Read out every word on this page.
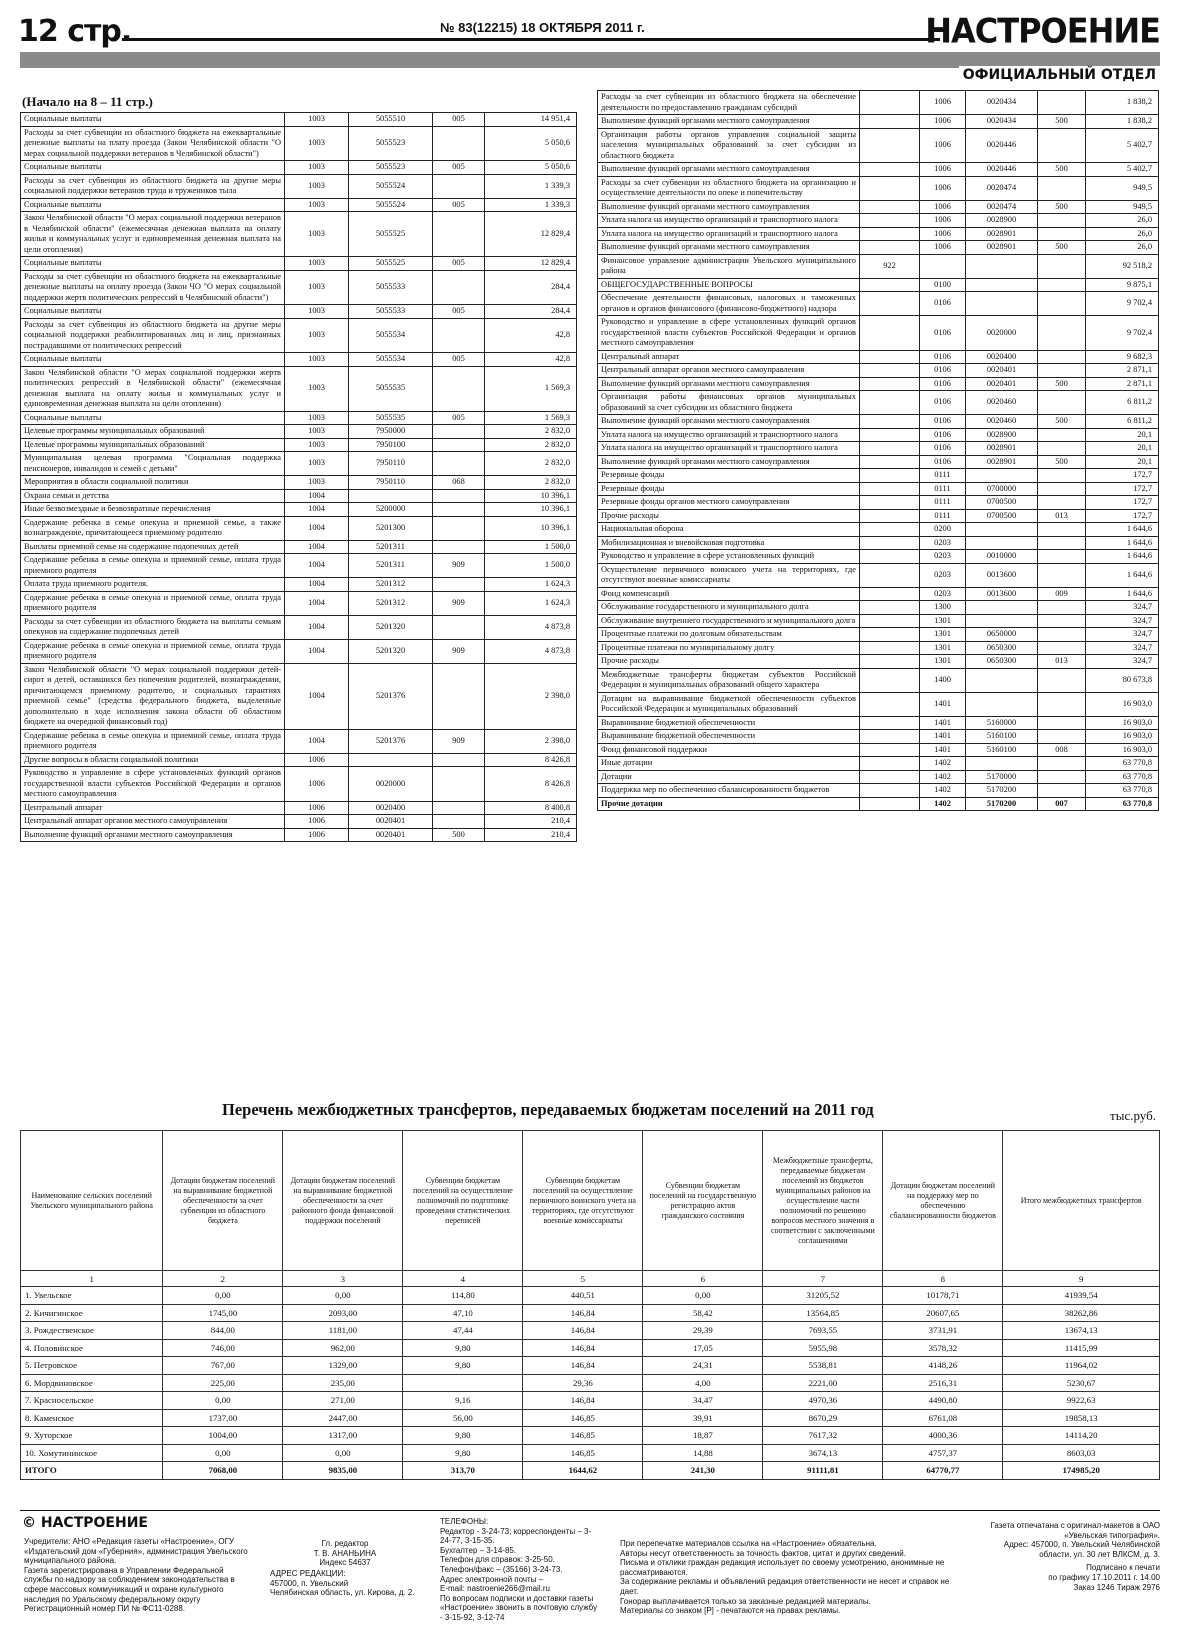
12 стр.	№ 83(12215) 18 ОКТЯБРЯ 2011 г.	НАСТРОЕНИЕ
ОФИЦИАЛЬНЫЙ ОТДЕЛ
(Начало на 8 – 11 стр.)
Социальные выплаты	1003	5055510	005	14 951,4
Расходы за счет субвенции из областного бюджета на ежеквартальные денежные выплаты на плату проезда (Закон Челябинской области "О мерах социальной поддержки ветеранов в Челябинской области")	1003	5055523		5 050,6
Социальные выплаты	1003	5055523	005	5 050,6
Расходы за счет субвенции из областного бюджета на другие меры социальной поддержки ветеранов труда и тружеников тыла	1003	5055524		1 339,3
Социальные выплаты	1003	5055524	005	1 339,3
Закон Челябинской области "О мерах социальной поддержки ветеранов в Челябинской области" (ежемесячная денежная выплата на оплату жилья и коммунальных услуг и единовременная денежная выплата на цели отопления)	1003	5055525		12 829,4
Социальные выплаты	1003	5055525	005	12 829,4
Расходы за счет субвенции из областного бюджета на ежеквартальные денежные выплаты на оплату проезда (Закон ЧО "О мерах социальной поддержки жертв политических репрессий в Челябинской области")	1003	5055533		284,4
Социальные выплаты	1003	5055533	005	284,4
Расходы за счет субвенции из областного бюджета на другие меры социальной поддержки реабилитированных лиц и лиц, признанных пострадавшими от политических репрессий	1003	5055534		42,8
Социальные выплаты	1003	5055534	005	42,8
Закон Челябинской области "О мерах социальной поддержки жертв политических репрессий в Челябинской области" (ежемесячная денежная выплата на оплату жилья и коммунальных услуг и единовременная денежная выплата на цели отопления)	1003	5055535		1 569,3
Социальные выплаты	1003	5055535	005	1 569,3
Целевые программы муниципальных образований	1003	7950000		2 832,0
Целевые программы муниципальных образований	1003	7950100		2 832,0
Муниципальная целевая программа "Социальная поддержка пенсионеров, инвалидов и семей с детьми"	1003	7950110		2 832,0
Мероприятия в области социальной политики	1003	7950110	068	2 832,0
Охрана семьи и детства	1004			10 396,1
Иные безвозмездные и безвозвратные перечисления	1004	5200000		10 396,1
Содержание ребенка в семье опекуна и приемной семье, а также вознаграждение, причитающееся приемному родителю	1004	5201300		10 396,1
Выплаты приемной семье на содержание подопечных детей	1004	5201311		1 500,0
Содержание ребенка в семье опекуна и приемной семье, оплата труда приемного родителя	1004	5201311	909	1 500,0
Оплата труда приемного родителя.	1004	5201312		1 624,3
Содержание ребенка в семье опекуна и приемной семье, оплата труда приемного родителя	1004	5201312	909	1 624,3
Расходы за счет субвенции из областного бюджета на выплаты семьям опекунов на содержание подопечных детей	1004	5201320		4 873,8
Содержание ребенка в семье опекуна и приемной семье, оплата труда приемного родителя	1004	5201320	909	4 873,8
Закон Челябинской области "О мерах социальной поддержки детей-сирот и детей, оставшихся без попечения родителей, вознаграждении, причитающемся приемному родителю, и социальных гарантиях приемной семье" (средства федерального бюджета, выделенные дополнительно в ходе исполнения закона области об областном бюджете на очередной финансовый год)	1004	5201376		2 398,0
Содержание ребенка в семье опекуна и приемной семье, оплата труда приемного родителя	1004	5201376	909	2 398,0
Другие вопросы в области социальной политики	1006			8 426,8
Руководство и управление в сфере установленных функций органов государственной власти субъектов Российской Федерации и органов местного самоуправления	1006	0020000		8 426,8
Центральный аппарат	1006	0020400		8 400,8
Центральный аппарат органов местного самоуправления	1006	0020401		210,4
Выполнение функций органами местного самоуправления	1006	0020401	500	210,4
Расходы за счет субвенции из областного бюджета на обеспечение деятельности по предоставлению гражданам субсидий		1006	0020434		1 838,2
Выполнение функций органами местного самоуправления		1006	0020434	500	1 838,2
Организация работы органов управления социальной защиты населения муниципальных образований за счет субсидии из областного бюджета		1006	0020446		5 402,7
Выполнение функций органами местного самоуправления		1006	0020446	500	5 402,7
Расходы за счет субвенции из областного бюджета на организацию и осуществление деятельности по опеке и попечительству		1006	0020474		949,5
Выполнение функций органами местного самоуправления		1006	0020474	500	949,5
Уплата налога на имущество организаций и транспортного налога		1006	0028900		26,0
Уплата налога на имущество организаций и транспортного налога		1006	0028901		26,0
Выполнение функций органами местного самоуправления		1006	0028901	500	26,0
Финансовое управление администрации Увельского муниципального района	922				92 518,2
ОБЩЕГОСУДАРСТВЕННЫЕ ВОПРОСЫ		0100			9 875,1
Обеспечение деятельности финансовых, налоговых и таможенных органов и органов финансового (финансово-бюджетного) надзора		0106			9 702,4
Руководство и управление в сфере установленных функций органов государственной власти субъектов Российской Федерации и органов местного самоуправления		0106	0020000		9 702,4
Центральный аппарат		0106	0020400		9 682,3
Центральный аппарат органов местного самоуправления		0106	0020401		2 871,1
Выполнение функций органами местного самоуправления		0106	0020401	500	2 871,1
Организация работы финансовых органов муниципальных образований за счет субсидии из областного бюджета		0106	0020460		6 811,2
Выполнение функций органами местного самоуправления		0106	0020460	500	6 811,2
Уплата налога на имущество организаций и транспортного налога		0106	0028900		20,1
Уплата налога на имущество организаций и транспортного налога		0106	0028901		20,1
Выполнение функций органами местного самоуправления		0106	0028901	500	20,1
Резервные фонды		0111			172,7
Резервные фонды		0111	0700000		172,7
Резервные фонды органов местного самоуправления		0111	0700500		172,7
Прочие расходы		0111	0700500	013	172,7
Национальная оборона		0200			1 644,6
Мобилизационная и вневойсковая подготовка		0203			1 644,6
Руководство и управление в сфере установленных функций		0203	0010000		1 644,6
Осуществление первичного воинского учета на территориях, где отсутствуют военные комиссариаты		0203	0013600		1 644,6
Фонд компенсаций		0203	0013600	009	1 644,6
Обслуживание государственного и муниципального долга		1300			324,7
Обслуживание внутреннего государственного и муниципального долга		1301			324,7
Процентные платежи по долговым обязательствам		1301	0650000		324,7
Процентные платежи по муниципальному долгу		1301	0650300		324,7
Прочие расходы		1301	0650300	013	324,7
Межбюджетные трансферты бюджетам субъектов Российской Федерации и муниципальных образований общего характера		1400			80 673,8
Дотации на выравнивание бюджетной обеспеченности субъектов Российской Федерации и муниципальных образований		1401			16 903,0
Выравнивание бюджетной обеспеченности		1401	5160000		16 903,0
Выравнивание бюджетной обеспеченности		1401	5160100		16 903,0
Фонд финансовой поддержки		1401	5160100	008	16 903,0
Иные дотации		1402			63 770,8
Дотации		1402	5170000		63 770,8
Поддержка мер по обеспечению сбалансированности бюджетов		1402	5170200		63 770,8
Прочие дотации		1402	5170200	007	63 770,8
Перечень межбюджетных трансфертов, передаваемых бюджетам поселений на 2011 год	тыс.руб.
Наименование сельских поселений Увельского муниципального района	Дотации бюджетам поселений на выравнивание бюджетной обеспеченности за счет субвенции из областного бюджета	Дотации бюджетам поселений на выравнивание бюджетной обеспеченности за счет районного фонда финансовой поддержки поселений	Субвенции бюджетам поселений на осуществление полномочий по подготовке проведения статистических переписей	Субвенции бюджетам поселений на осуществление первичного воинского учета на территориях, где отсутствуют военные комиссариаты	Субвенции бюджетам поселений на государственную регистрацию актов гражданского состояния	Межбюджетные трансферты, передаваемые бюджетам поселений из бюджетов муниципальных районов на осуществление части полномочий по решению вопросов местного значения в соответствии с заключенными соглашениями	Дотации бюджетам поселений на поддержку мер по обеспечению сбалансированности бюджетов	Итого межбюджетных трансфертов
1	2	3	4	5	6	7	8	9
1. Увельское	0,00	0,00	114,80	440,51	0,00	31205,52	10178,71	41939,54
2. Кичигинское	1745,00	2093,00	47,10	146,84	58,42	13564,85	20607,65	38262,86
3. Рождественское	844,00	1181,00	47,44	146,84	29,39	7693,55	3731,91	13674,13
4. Половинское	746,00	962,00	9,80	146,84	17,05	5955,98	3578,32	11415,99
5. Петровское	767,00	1329,00	9,80	146,84	24,31	5538,81	4148,26	11964,02
6. Мордвиновское	225,00	235,00		29,36	4,00	2221,00	2516,31	5230,67
7. Красносельское	0,00	271,00	9,16	146,84	34,47	4970,36	4490,80	9922,63
8. Каменское	1737,00	2447,00	56,00	146,85	39,91	8670,29	6761,08	19858,13
9. Хуторское	1004,00	1317,00	9,80	146,85	18,87	7617,32	4000,36	14114,20
10. Хомутининское	0,00	0,00	9,80	146,85	14,88	3674,13	4757,37	8603,03
ИТОГО	7068,00	9835,00	313,70	1644,62	241,30	91111,81	64770,77	174985,20
© НАСТРОЕНИЕ
Учредители: АНО «Редакция газеты «Настроение», ОГУ «Издательский дом «Губерния», администрация Увельского муниципального района.
Газета зарегистрирована в Управлении Федеральной службы по надзору за соблюдением законодательства в сфере массовых коммуникаций и охране культурного наследия по Уральскому федеральному округу
Регистрационный номер ПИ № ФС11-0288.
Гл. редактор
Т. В. АНАНЬИНА
Индекс 54637
АДРЕС РЕДАКЦИИ:
457000, п. Увельский
Челябинская область, ул. Кирова, д. 2.
ТЕЛЕФОНЫ:
Редактор - 3-24-73; корреспонденты – 3-24-77, 3-15-35.
Бухгалтер – 3-14-85.
Телефон для справок: 3-25-50.
Телефон/факс – (35166) 3-24-73.
Адрес электронной почты –
E-mail: nastroenie266@mail.ru
По вопросам подписки и доставки газеты «Настроение» звонить в почтовую службу - 3-15-92, 3-12-74
При перепечатке материалов ссылка на «Настроение» обязательна.
Авторы несут ответственность за точность фактов, цитат и других сведений.
Письма и отклики граждан редакция использует по своему усмотрению, анонимные не рассматриваются.
За содержание рекламы и объявлений редакция ответственности не несет и справок не дает.
Гонорар выплачивается только за заказные редакцией материалы.
Материалы со знаком [Р] - печатаются на правах рекламы.
Газета отпечатана с оригинал-макетов в ОАО «Увельская типография».
Адрес: 457000, п. Увельский Челябинской области, ул. 30 лет ВЛКСМ, д. 3.
Подписано к печати
по графику 17.10.2011 г. 14.00
Заказ 1246 Тираж 2976
